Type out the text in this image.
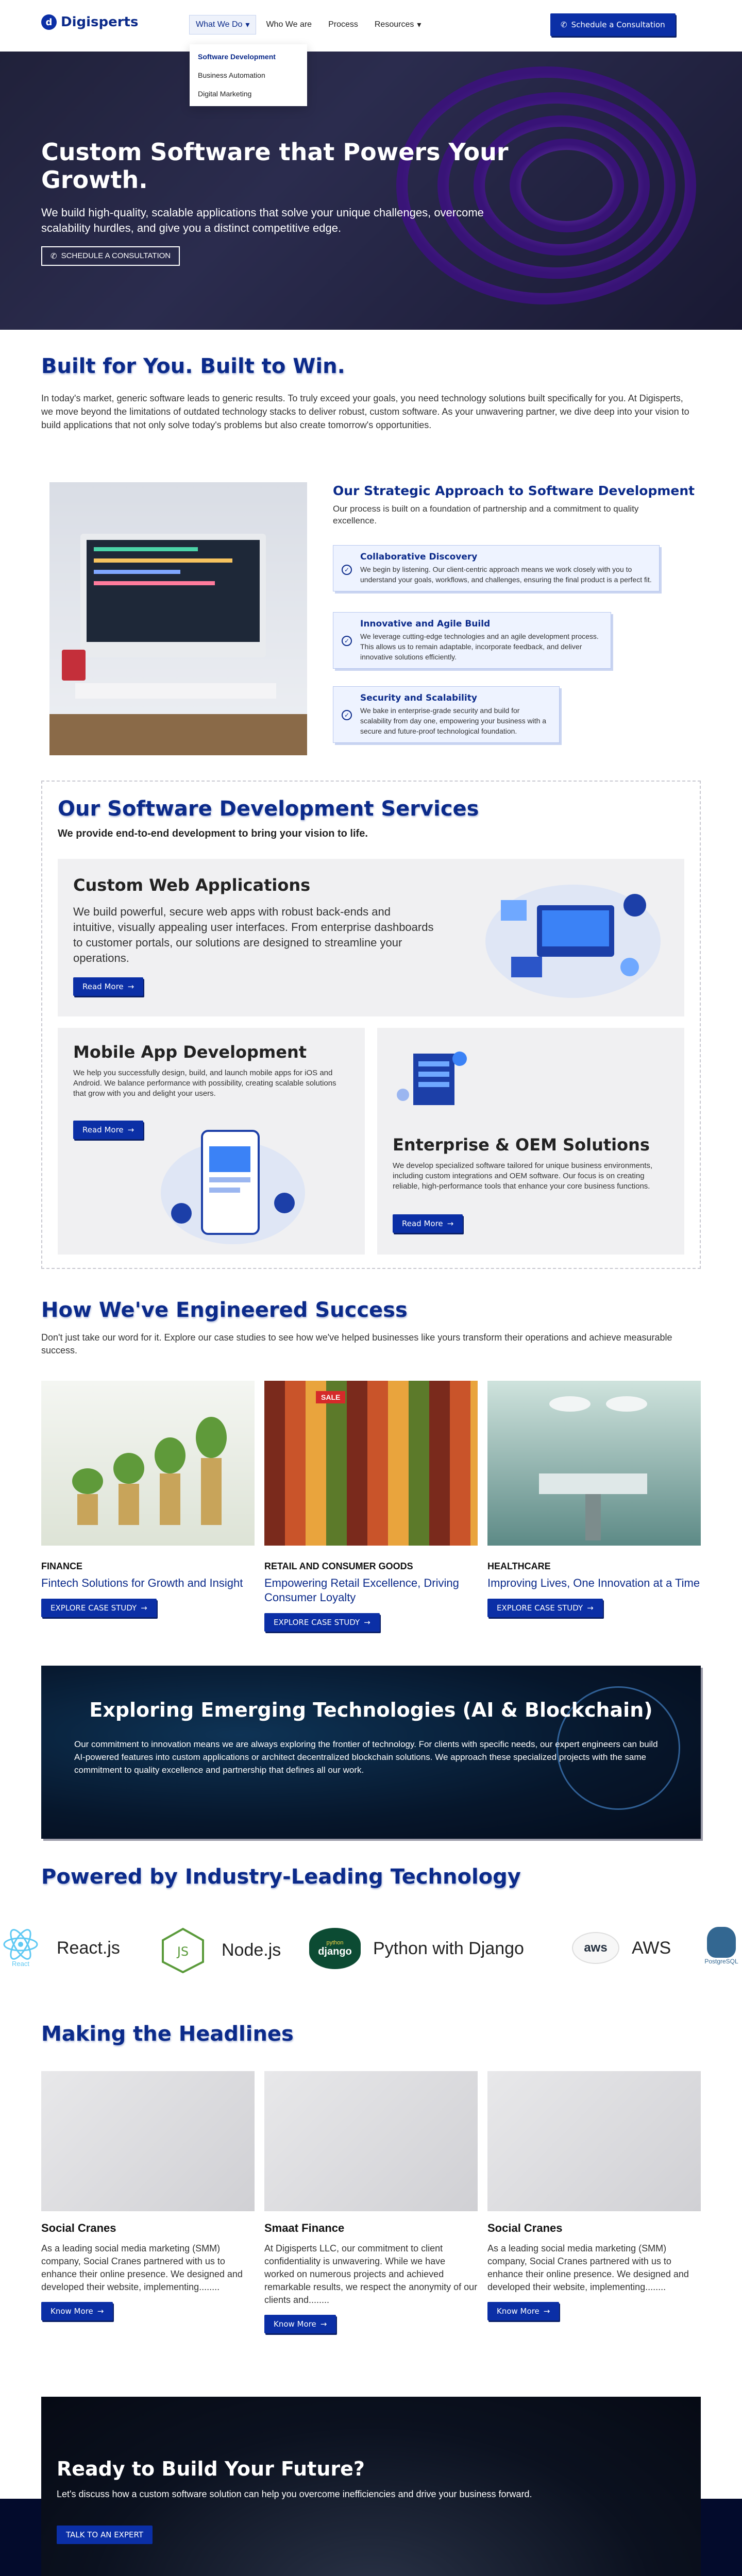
d Digisperts	What We Do ▾ Who We are Process Resources ▾	✆ Schedule a Consultation
Software Development
Business Automation
Digital Marketing
Custom Software that Powers Your Growth.

We build high-quality, scalable applications that solve your unique challenges, overcome scalability hurdles, and give you a distinct competitive edge.

✆ SCHEDULE A CONSULTATION
Built for You. Built to Win.

In today's market, generic software leads to generic results. To truly exceed your goals, you need technology solutions built specifically for you. At Digisperts, we move beyond the limitations of outdated technology stacks to deliver robust, custom software. As your unwavering partner, we dive deep into your vision to build applications that not only solve today's problems but also create tomorrow's opportunities.

Our Strategic Approach to Software Development

Our process is built on a foundation of partnership and a commitment to quality excellence.

✓
Collaborative Discovery

We begin by listening. Our client-centric approach means we work closely with you to understand your goals, workflows, and challenges, ensuring the final product is a perfect fit.

✓
Innovative and Agile Build

We leverage cutting-edge technologies and an agile development process. This allows us to remain adaptable, incorporate feedback, and deliver innovative solutions efficiently.

✓
Security and Scalability

We bake in enterprise-grade security and build for scalability from day one, empowering your business with a secure and future-proof technological foundation.

Our Software Development Services

We provide end-to-end development to bring your vision to life.

Custom Web Applications

We build powerful, secure web apps with robust back-ends and intuitive, visually appealing user interfaces. From enterprise dashboards to customer portals, our solutions are designed to streamline your operations.

Read More →
Mobile App Development

We help you successfully design, build, and launch mobile apps for iOS and Android. We balance performance with possibility, creating scalable solutions that grow with you and delight your users.

Read More →
Enterprise & OEM Solutions

We develop specialized software tailored for unique business environments, including custom integrations and OEM software. Our focus is on creating reliable, high-performance tools that enhance your core business functions.

Read More →
How We've Engineered Success

Don't just take our word for it. Explore our case studies to see how we've helped businesses like yours transform their operations and achieve measurable success.

FINANCE
Fintech Solutions for Growth and Insight
EXPLORE CASE STUDY →
SALE
RETAIL AND CONSUMER GOODS
Empowering Retail Excellence, Driving Consumer Loyalty
EXPLORE CASE STUDY →
HEALTHCARE
Improving Lives, One Innovation at a Time
EXPLORE CASE STUDY →
Exploring Emerging Technologies (AI & Blockchain)

Our commitment to innovation means we are always exploring the frontier of technology. For clients with specific needs, our expert engineers can build AI-powered features into custom applications or architect decentralized blockchain solutions. We approach these specialized projects with the same commitment to quality excellence and partnership that defines all our work.

Powered by Industry-Leading Technology
React
React.js	JS Node.js	python
django Python with Django	aws AWS
PostgreSQL
Making the Headlines
Social Cranes

As a leading social media marketing (SMM) company, Social Cranes partnered with us to enhance their online presence. We designed and developed their website, implementing........

Know More →
Smaat Finance

At Digisperts LLC, our commitment to client confidentiality is unwavering. While we have worked on numerous projects and achieved remarkable results, we respect the anonymity of our clients and........

Know More →
Social Cranes

As a leading social media marketing (SMM) company, Social Cranes partnered with us to enhance their online presence. We designed and developed their website, implementing........

Know More →
Ready to Build Your Future?

Let's discuss how a custom software solution can help you overcome inefficiencies and drive your business forward.

TALK TO AN EXPERT
